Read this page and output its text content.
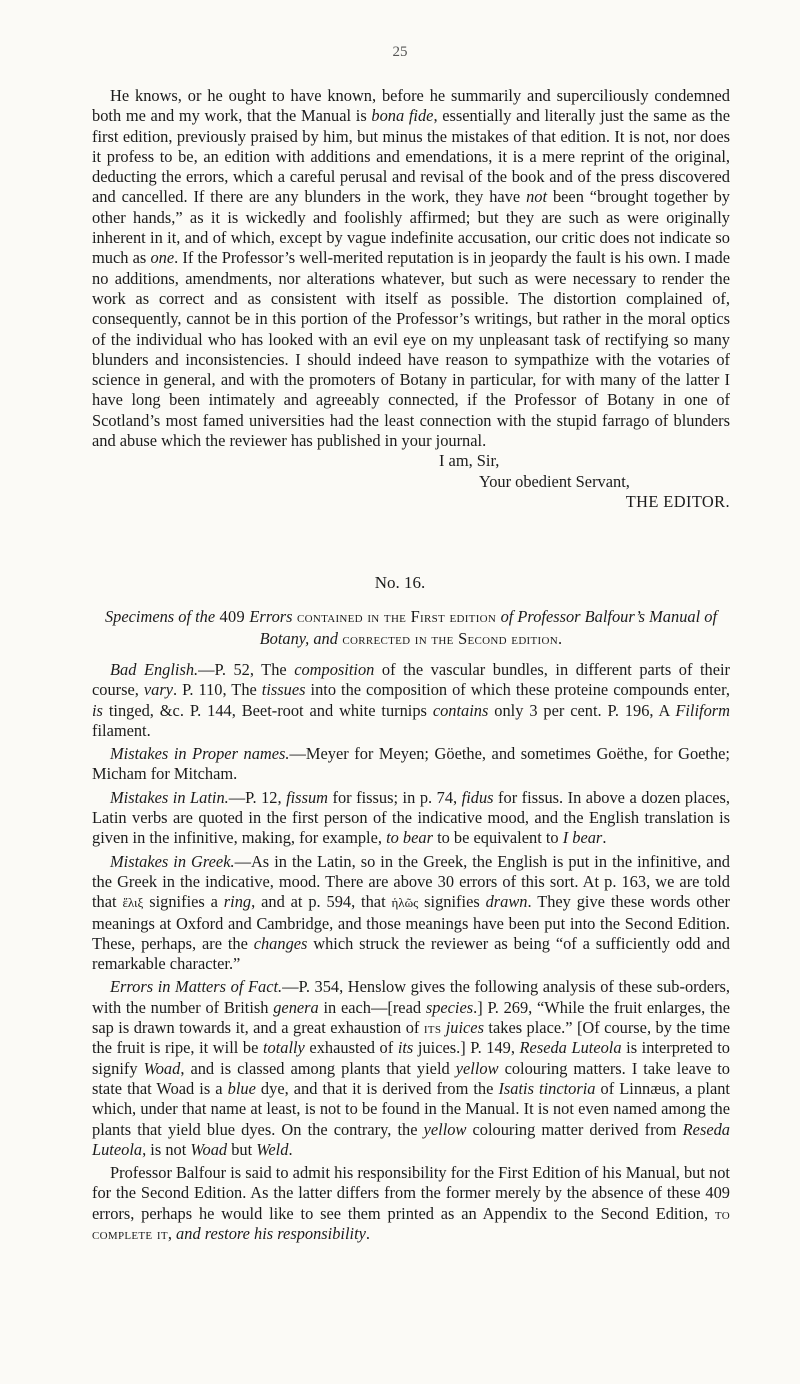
25

He knows, or he ought to have known, before he summarily and superciliously condemned both me and my work, that the Manual is bona fide, essentially and literally just the same as the first edition, previously praised by him, but minus the mistakes of that edition. It is not, nor does it profess to be, an edition with additions and emendations, it is a mere reprint of the original, deducting the errors, which a careful perusal and revisal of the book and of the press discovered and cancelled. If there are any blunders in the work, they have not been “brought together by other hands,” as it is wickedly and foolishly affirmed; but they are such as were originally inherent in it, and of which, except by vague indefinite accusation, our critic does not indicate so much as one. If the Professor’s well-merited reputation is in jeopardy the fault is his own. I made no additions, amendments, nor alterations whatever, but such as were necessary to render the work as correct and as consistent with itself as possible. The distortion complained of, consequently, cannot be in this portion of the Professor’s writings, but rather in the moral optics of the individual who has looked with an evil eye on my unpleasant task of rectifying so many blunders and inconsistencies. I should indeed have reason to sympathize with the votaries of science in general, and with the promoters of Botany in particular, for with many of the latter I have long been intimately and agreeably connected, if the Professor of Botany in one of Scotland’s most famed universities had the least connection with the stupid farrago of blunders and abuse which the reviewer has published in your journal.

I am, Sir,
Your obedient Servant,
THE EDITOR.
No. 16.
Specimens of the 409 Errors contained in the First edition of Professor Balfour’s Manual of Botany, and corrected in the Second edition.

Bad English.—P. 52, The composition of the vascular bundles, in different parts of their course, vary. P. 110, The tissues into the composition of which these proteine compounds enter, is tinged, &c. P. 144, Beet-root and white turnips contains only 3 per cent. P. 196, A Filiform filament.

Mistakes in Proper names.—Meyer for Meyen; Göethe, and sometimes Goëthe, for Goethe; Micham for Mitcham.

Mistakes in Latin.—P. 12, fissum for fissus; in p. 74, fidus for fissus. In above a dozen places, Latin verbs are quoted in the first person of the indicative mood, and the English translation is given in the infinitive, making, for example, to bear to be equivalent to I bear.

Mistakes in Greek.—As in the Latin, so in the Greek, the English is put in the infinitive, and the Greek in the indicative, mood. There are above 30 errors of this sort. At p. 163, we are told that ἕλιξ signifies a ring, and at p. 594, that ἡλῶς signifies drawn. They give these words other meanings at Oxford and Cambridge, and those meanings have been put into the Second Edition. These, perhaps, are the changes which struck the reviewer as being “of a sufficiently odd and remarkable character.”

Errors in Matters of Fact.—P. 354, Henslow gives the following analysis of these sub-orders, with the number of British genera in each—[read species.] P. 269, “While the fruit enlarges, the sap is drawn towards it, and a great exhaustion of its juices takes place.” [Of course, by the time the fruit is ripe, it will be totally exhausted of its juices.] P. 149, Reseda Luteola is interpreted to signify Woad, and is classed among plants that yield yellow colouring matters. I take leave to state that Woad is a blue dye, and that it is derived from the Isatis tinctoria of Linnæus, a plant which, under that name at least, is not to be found in the Manual. It is not even named among the plants that yield blue dyes. On the contrary, the yellow colouring matter derived from Reseda Luteola, is not Woad but Weld.

Professor Balfour is said to admit his responsibility for the First Edition of his Manual, but not for the Second Edition. As the latter differs from the former merely by the absence of these 409 errors, perhaps he would like to see them printed as an Appendix to the Second Edition, to complete it, and restore his responsibility.
